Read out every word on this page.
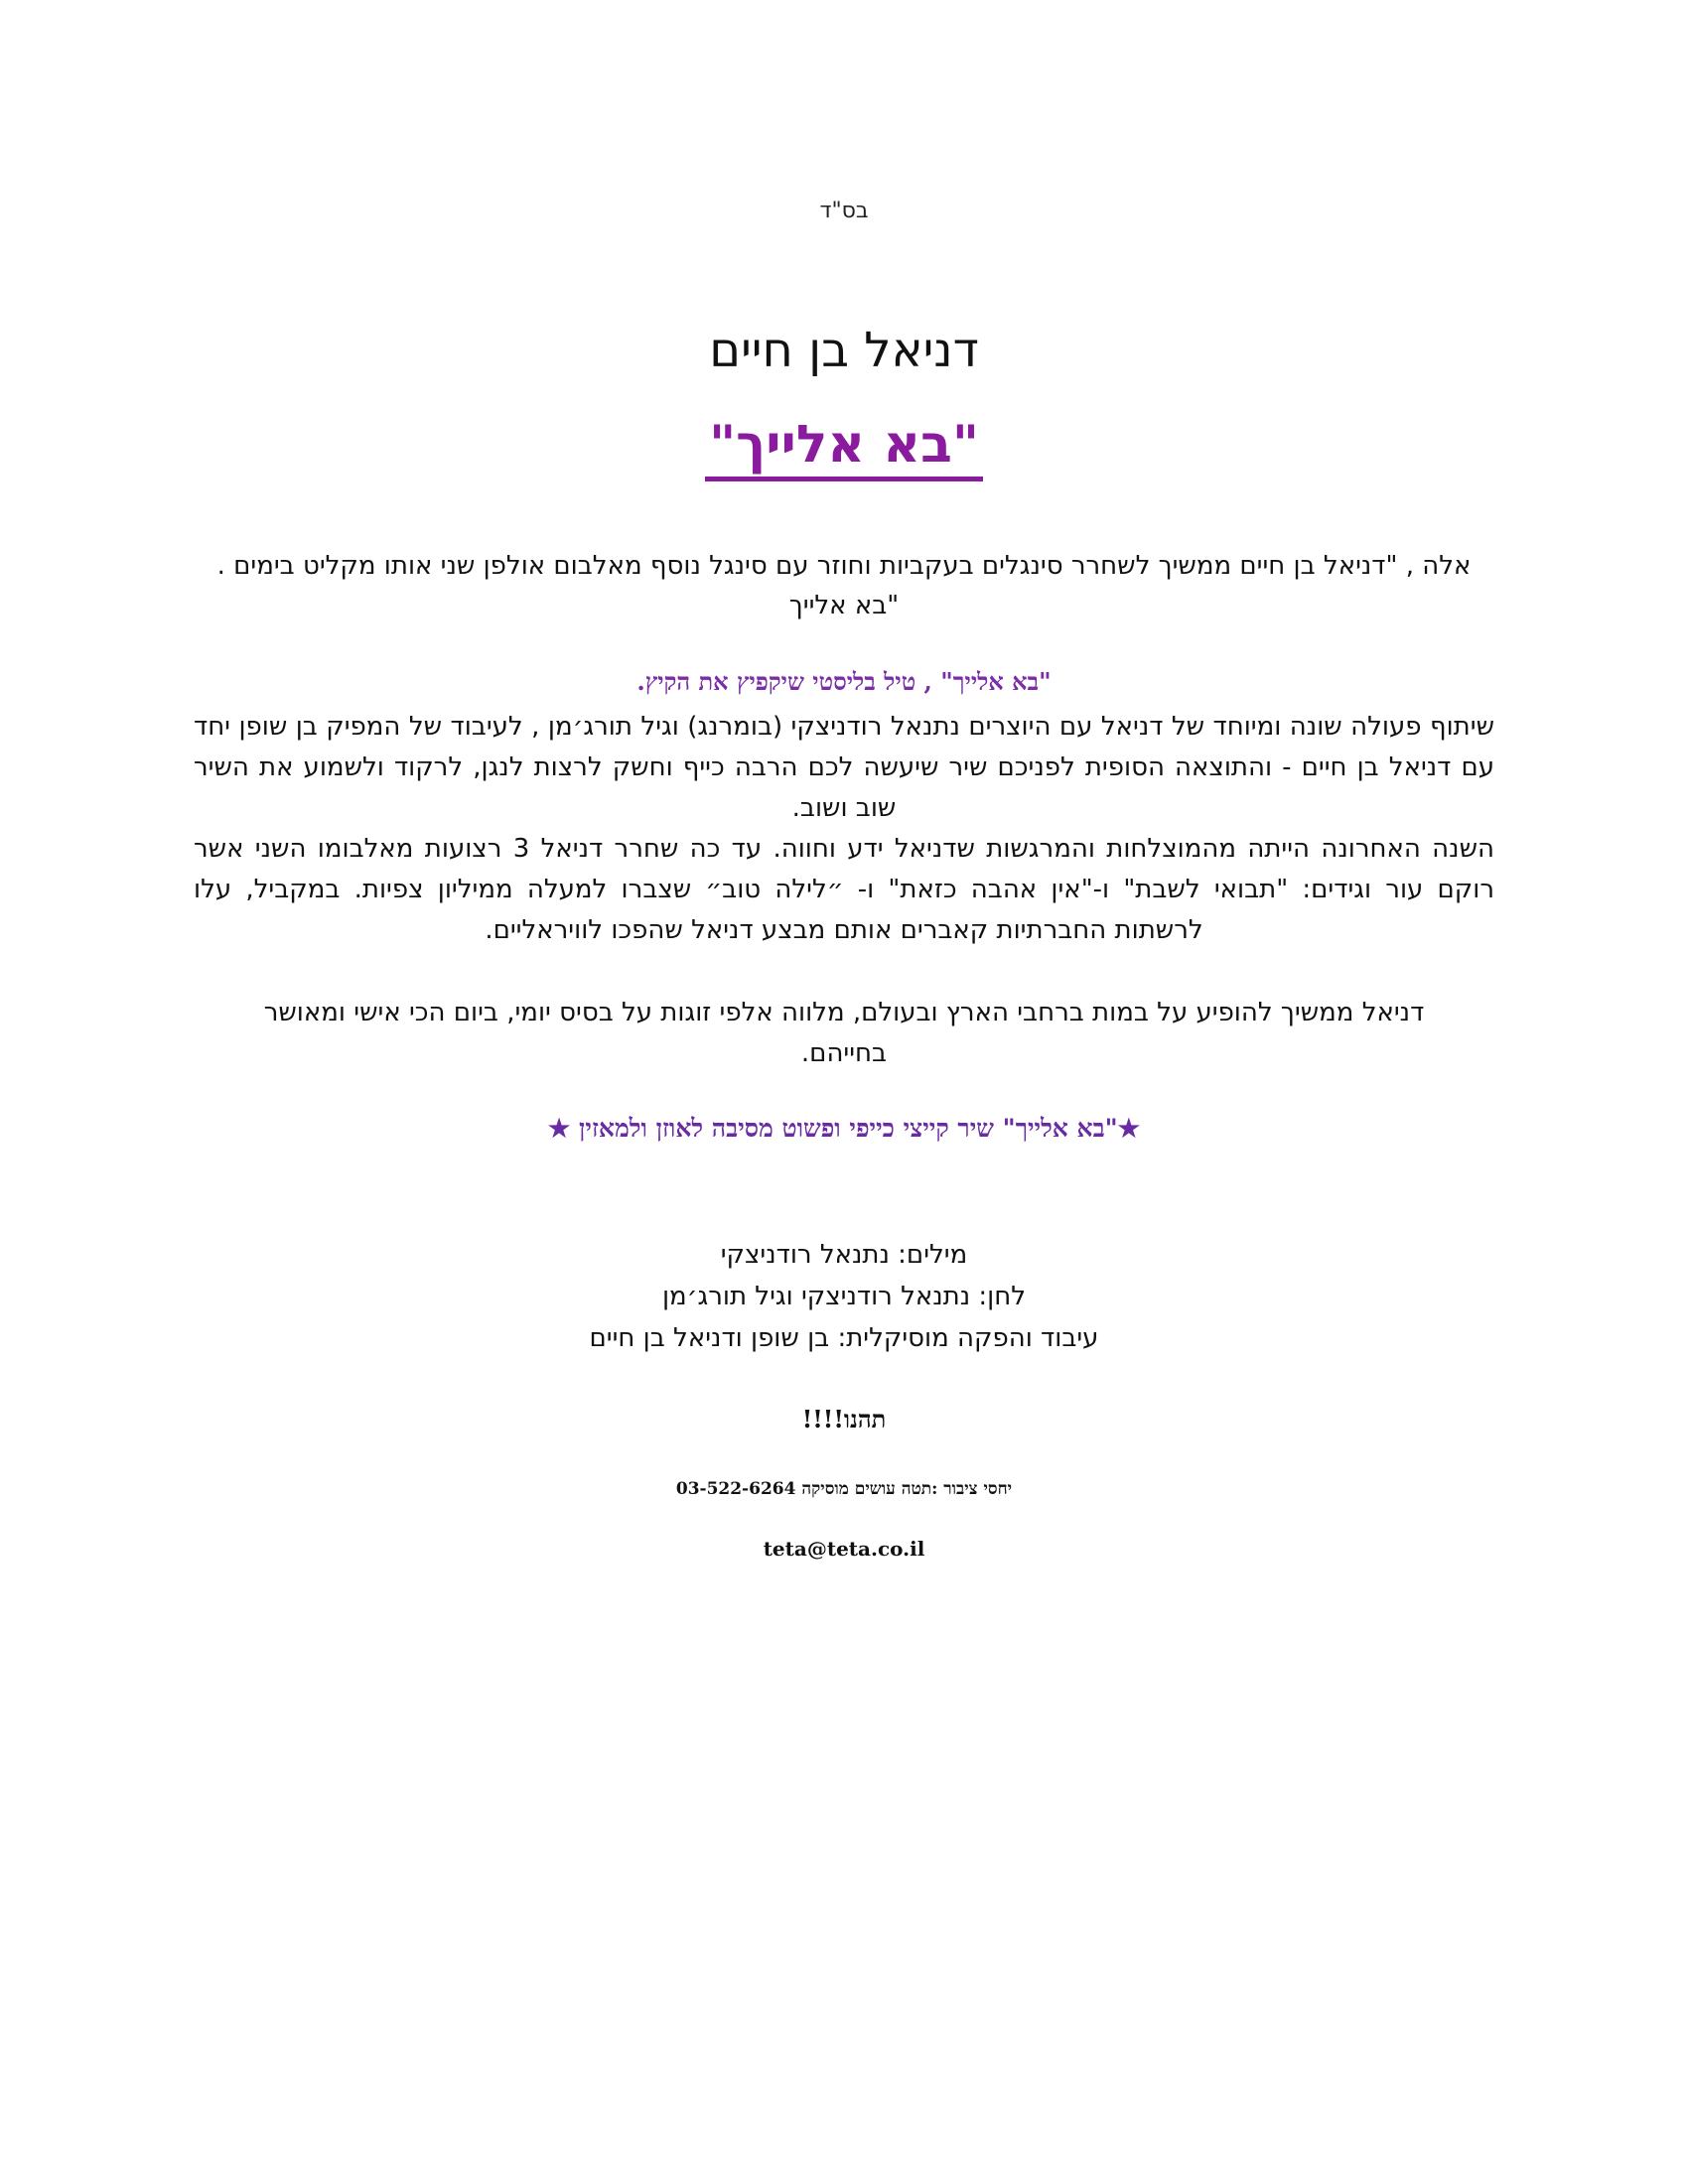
בס"ד
דניאל בן חיים
"בא אלייך"
אלה , "דניאל בן חיים ממשיך לשחרר סינגלים בעקביות וחוזר עם סינגל נוסף מאלבום אולפן שני אותו מקליט בימים .
"בא אלייך
"בא אלייך" , טיל בליסטי שיקפיץ את הקיץ.

שיתוף פעולה שונה ומיוחד של דניאל עם היוצרים נתנאל רודניצקי (בומרנג) וגיל תורג׳מן , לעיבוד של המפיק בן שופן יחד עם דניאל בן חיים - והתוצאה הסופית לפניכם שיר שיעשה לכם הרבה כייף וחשק לרצות לנגן, לרקוד ולשמוע את השיר שוב ושוב.

השנה האחרונה הייתה מהמוצלחות והמרגשות שדניאל ידע וחווה. עד כה שחרר דניאל 3 רצועות מאלבומו השני אשר רוקם עור וגידים: "תבואי לשבת" ו-"אין אהבה כזאת" ו- ״לילה טוב״ שצברו למעלה ממיליון צפיות. במקביל, עלו לרשתות החברתיות קאברים אותם מבצע דניאל שהפכו לוויראליים.

דניאל ממשיך להופיע על במות ברחבי הארץ ובעולם, מלווה אלפי זוגות על בסיס יומי, ביום הכי אישי ומאושר בחייהם.
★"בא אלייך" שיר קייצי כייפי ופשוט מסיבה לאוזן ולמאזין ★
מילים: נתנאל רודניצקי
לחן: נתנאל רודניצקי וגיל תורג׳מן
עיבוד והפקה מוסיקלית: בן שופן ודניאל בן חיים
תהנו!!!!
יחסי ציבור :תטה עושים מוסיקה 03-522-6264
teta@teta.co.il
